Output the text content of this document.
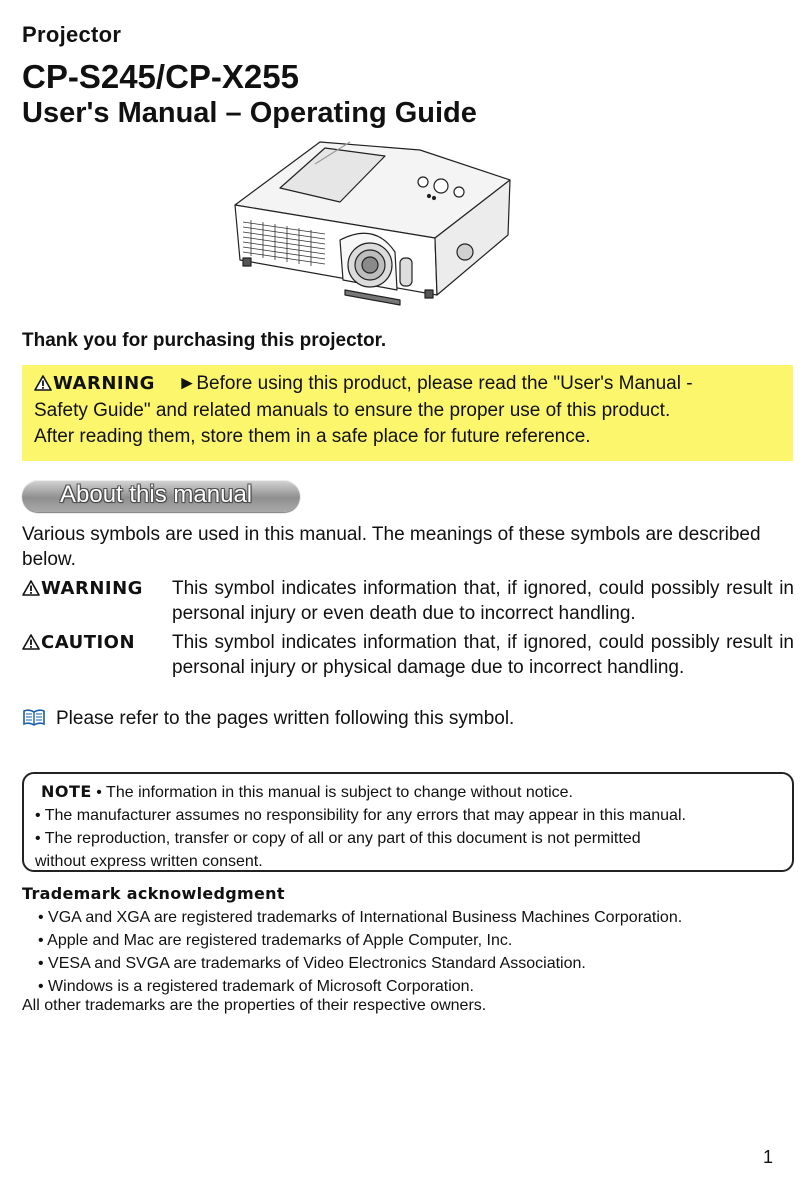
Projector
CP-S245/CP-X255
User's Manual – Operating Guide
Thank you for purchasing this projector.
WARNING ►Before using this product, please read the "User's Manual -
Safety Guide" and related manuals to ensure the proper use of this product.
After reading them, store them in a safe place for future reference.
About this manual
Various symbols are used in this manual. The meanings of these symbols are described below.
WARNING This symbol indicates information that, if ignored, could possibly result in personal injury or even death due to incorrect handling.
CAUTION This symbol indicates information that, if ignored, could possibly result in personal injury or physical damage due to incorrect handling.
Please refer to the pages written following this symbol.
NOTE • The information in this manual is subject to change without notice.
• The manufacturer assumes no responsibility for any errors that may appear in this manual.
• The reproduction, transfer or copy of all or any part of this document is not permitted
without express written consent.
Trademark acknowledgment
• VGA and XGA are registered trademarks of International Business Machines Corporation.
• Apple and Mac are registered trademarks of Apple Computer, Inc.
• VESA and SVGA are trademarks of Video Electronics Standard Association.
• Windows is a registered trademark of Microsoft Corporation.
All other trademarks are the properties of their respective owners.
1
